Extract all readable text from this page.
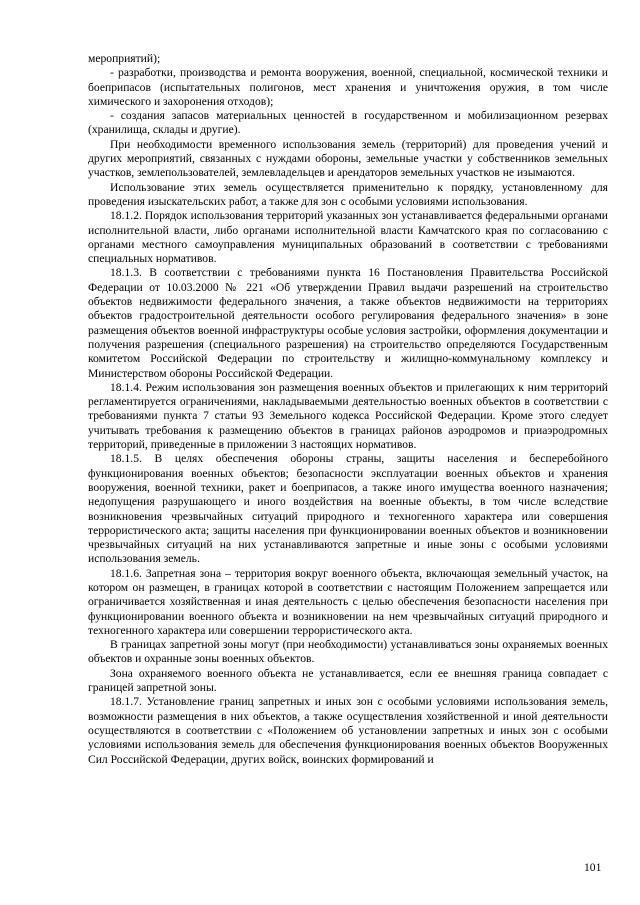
мероприятий);

- разработки, производства и ремонта вооружения, военной, специальной, космической техники и боеприпасов (испытательных полигонов, мест хранения и уничтожения оружия, в том числе химического и захоронения отходов);

- создания запасов материальных ценностей в государственном и мобилизационном резервах (хранилища, склады и другие).

При необходимости временного использования земель (территорий) для проведения учений и других мероприятий, связанных с нуждами обороны, земельные участки у собственников земельных участков, землепользователей, землевладельцев и арендаторов земельных участков не изымаются.

Использование этих земель осуществляется применительно к порядку, установленному для проведения изыскательских работ, а также для зон с особыми условиями использования.

18.1.2. Порядок использования территорий указанных зон устанавливается федеральными органами исполнительной власти, либо органами исполнительной власти Камчатского края по согласованию с органами местного самоуправления муниципальных образований в соответствии с требованиями специальных нормативов.

18.1.3. В соответствии с требованиями пункта 16 Постановления Правительства Российской Федерации от 10.03.2000 № 221 «Об утверждении Правил выдачи разрешений на строительство объектов недвижимости федерального значения, а также объектов недвижимости на территориях объектов градостроительной деятельности особого регулирования федерального значения» в зоне размещения объектов военной инфраструктуры особые условия застройки, оформления документации и получения разрешения (специального разрешения) на строительство определяются Государственным комитетом Российской Федерации по строительству и жилищно-коммунальному комплексу и Министерством обороны Российской Федерации.

18.1.4. Режим использования зон размещения военных объектов и прилегающих к ним территорий регламентируется ограничениями, накладываемыми деятельностью военных объектов в соответствии с требованиями пункта 7 статьи 93 Земельного кодекса Российской Федерации. Кроме этого следует учитывать требования к размещению объектов в границах районов аэродромов и приаэродромных территорий, приведенные в приложении 3 настоящих нормативов.

18.1.5. В целях обеспечения обороны страны, защиты населения и бесперебойного функционирования военных объектов; безопасности эксплуатации военных объектов и хранения вооружения, военной техники, ракет и боеприпасов, а также иного имущества военного назначения; недопущения разрушающего и иного воздействия на военные объекты, в том числе вследствие возникновения чрезвычайных ситуаций природного и техногенного характера или совершения террористического акта; защиты населения при функционировании военных объектов и возникновении чрезвычайных ситуаций на них устанавливаются запретные и иные зоны с особыми условиями использования земель.

18.1.6. Запретная зона – территория вокруг военного объекта, включающая земельный участок, на котором он размещен, в границах которой в соответствии с настоящим Положением запрещается или ограничивается хозяйственная и иная деятельность с целью обеспечения безопасности населения при функционировании военного объекта и возникновении на нем чрезвычайных ситуаций природного и техногенного характера или совершении террористического акта.

В границах запретной зоны могут (при необходимости) устанавливаться зоны охраняемых военных объектов и охранные зоны военных объектов.

Зона охраняемого военного объекта не устанавливается, если ее внешняя граница совпадает с границей запретной зоны.

18.1.7. Установление границ запретных и иных зон с особыми условиями использования земель, возможности размещения в них объектов, а также осуществления хозяйственной и иной деятельности осуществляются в соответствии с «Положением об установлении запретных и иных зон с особыми условиями использования земель для обеспечения функционирования военных объектов Вооруженных Сил Российской Федерации, других войск, воинских формирований и

101
